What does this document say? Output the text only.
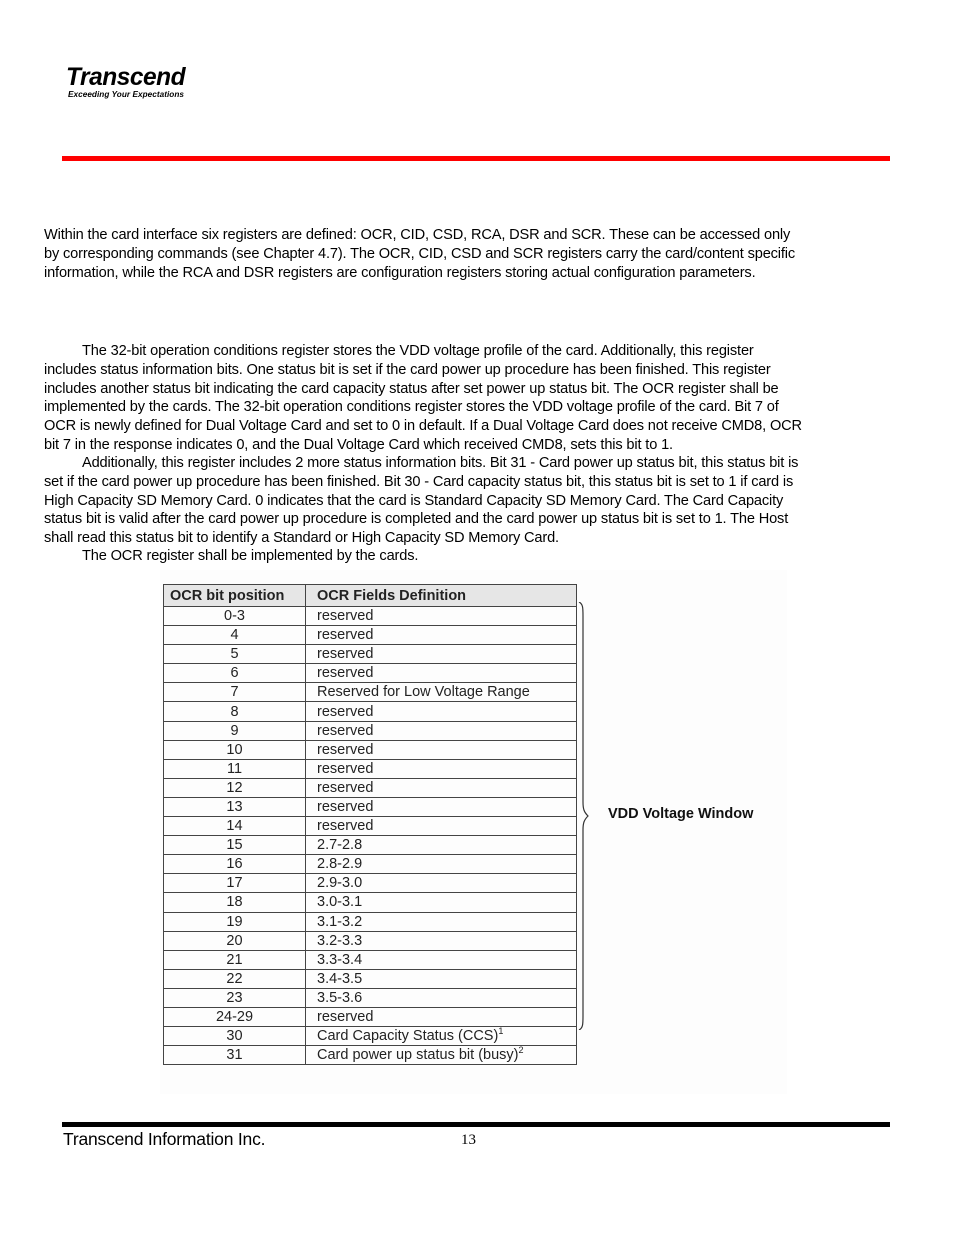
Transcend
Exceeding Your Expectations

Within the card interface six registers are defined: OCR, CID, CSD, RCA, DSR and SCR. These can be accessed only
by corresponding commands (see Chapter 4.7). The OCR, CID, CSD and SCR registers carry the card/content specific
information, while the RCA and DSR registers are configuration registers storing actual configuration parameters.

The 32-bit operation conditions register stores the VDD voltage profile of the card. Additionally, this register
includes status information bits. One status bit is set if the card power up procedure has been finished. This register
includes another status bit indicating the card capacity status after set power up status bit. The OCR register shall be
implemented by the cards. The 32-bit operation conditions register stores the VDD voltage profile of the card. Bit 7 of
OCR is newly defined for Dual Voltage Card and set to 0 in default. If a Dual Voltage Card does not receive CMD8, OCR
bit 7 in the response indicates 0, and the Dual Voltage Card which received CMD8, sets this bit to 1.

Additionally, this register includes 2 more status information bits. Bit 31 - Card power up status bit, this status bit is
set if the card power up procedure has been finished. Bit 30 - Card capacity status bit, this status bit is set to 1 if card is
High Capacity SD Memory Card. 0 indicates that the card is Standard Capacity SD Memory Card. The Card Capacity
status bit is valid after the card power up procedure is completed and the card power up status bit is set to 1. The Host
shall read this status bit to identify a Standard or High Capacity SD Memory Card.

The OCR register shall be implemented by the cards.

OCR bit position	OCR Fields Definition
0-3	reserved
4	reserved
5	reserved
6	reserved
7	Reserved for Low Voltage Range
8	reserved
9	reserved
10	reserved
11	reserved
12	reserved
13	reserved
14	reserved
15	2.7-2.8
16	2.8-2.9
17	2.9-3.0
18	3.0-3.1
19	3.1-3.2
20	3.2-3.3
21	3.3-3.4
22	3.4-3.5
23	3.5-3.6
24-29	reserved
30	Card Capacity Status (CCS)$^1$
31	Card power up status bit (busy)$^2$
VDD Voltage Window
Transcend Information Inc.	13
